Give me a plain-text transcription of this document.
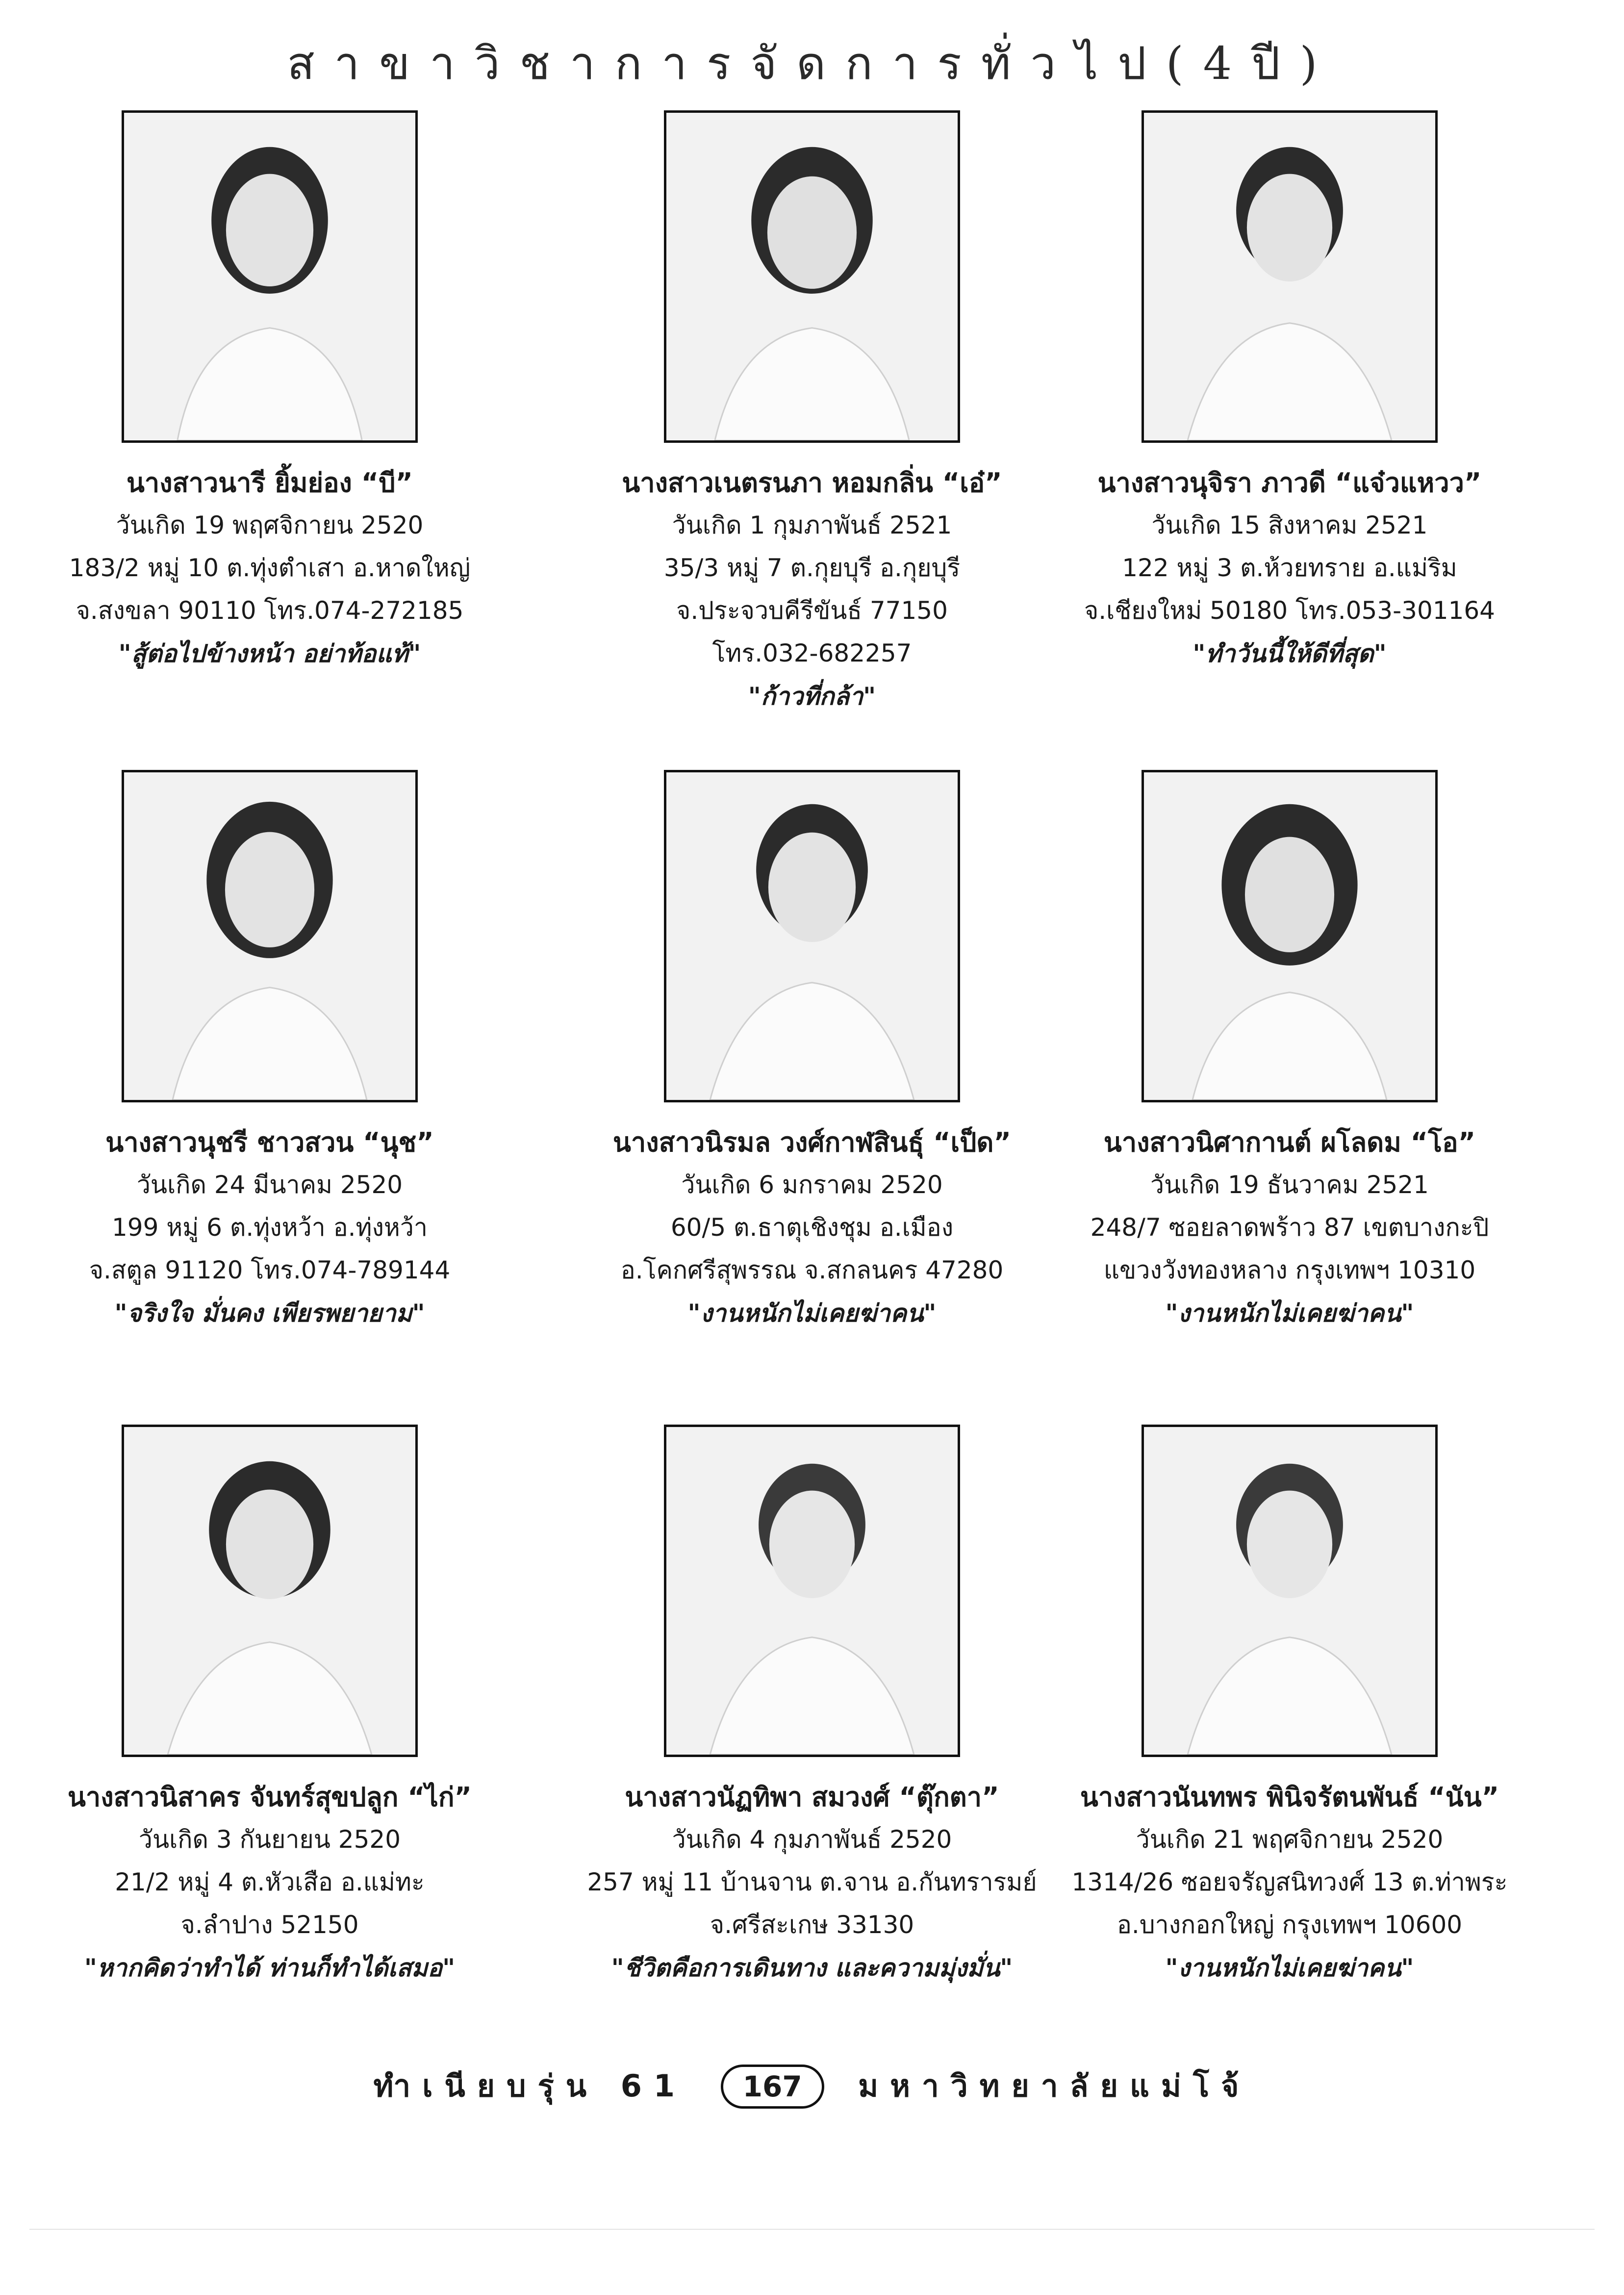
สาขาวิชาการจัดการทั่วไป(4ปี)
นางสาวนารี ยิ้มย่อง “บี”
วันเกิด 19 พฤศจิกายน 2520
183/2 หมู่ 10 ต.ทุ่งตำเสา อ.หาดใหญ่
จ.สงขลา 90110 โทร.074-272185
"สู้ต่อไปข้างหน้า อย่าท้อแท้"
นางสาวเนตรนภา หอมกลิ่น “เอ๋”
วันเกิด 1 กุมภาพันธ์ 2521
35/3 หมู่ 7 ต.กุยบุรี อ.กุยบุรี
จ.ประจวบคีรีขันธ์ 77150
โทร.032-682257
"ก้าวที่กล้า"
นางสาวนุจิรา ภาวดี “แจ๋วแหวว”
วันเกิด 15 สิงหาคม 2521
122 หมู่ 3 ต.ห้วยทราย อ.แม่ริม
จ.เชียงใหม่ 50180 โทร.053-301164
"ทำวันนี้ให้ดีที่สุด"
นางสาวนุชรี ชาวสวน “นุช”
วันเกิด 24 มีนาคม 2520
199 หมู่ 6 ต.ทุ่งหว้า อ.ทุ่งหว้า
จ.สตูล 91120 โทร.074-789144
"จริงใจ มั่นคง เพียรพยายาม"
นางสาวนิรมล วงศ์กาฬสินธุ์ “เป็ด”
วันเกิด 6 มกราคม 2520
60/5 ต.ธาตุเชิงชุม อ.เมือง
อ.โคกศรีสุพรรณ จ.สกลนคร 47280
"งานหนักไม่เคยฆ่าคน"
นางสาวนิศากานต์ ผโลดม “โอ”
วันเกิด 19 ธันวาคม 2521
248/7 ซอยลาดพร้าว 87 เขตบางกะปิ
แขวงวังทองหลาง กรุงเทพฯ 10310
"งานหนักไม่เคยฆ่าคน"
นางสาวนิสาคร จันทร์สุขปลูก “ไก่”
วันเกิด 3 กันยายน 2520
21/2 หมู่ 4 ต.หัวเสือ อ.แม่ทะ
จ.ลำปาง 52150
"หากคิดว่าทำได้ ท่านก็ทำได้เสมอ"
นางสาวนัฏทิพา สมวงศ์ “ตุ๊กตา”
วันเกิด 4 กุมภาพันธ์ 2520
257 หมู่ 11 บ้านจาน ต.จาน อ.กันทรารมย์
จ.ศรีสะเกษ 33130
"ชีวิตคือการเดินทาง และความมุ่งมั่น"
นางสาวนันทพร พินิจรัตนพันธ์ “นัน”
วันเกิด 21 พฤศจิกายน 2520
1314/26 ซอยจรัญสนิทวงศ์ 13 ต.ท่าพระ
อ.บางกอกใหญ่ กรุงเทพฯ 10600
"งานหนักไม่เคยฆ่าคน"
ทำเนียบรุ่น 61 167 มหาวิทยาลัยแม่โจ้
